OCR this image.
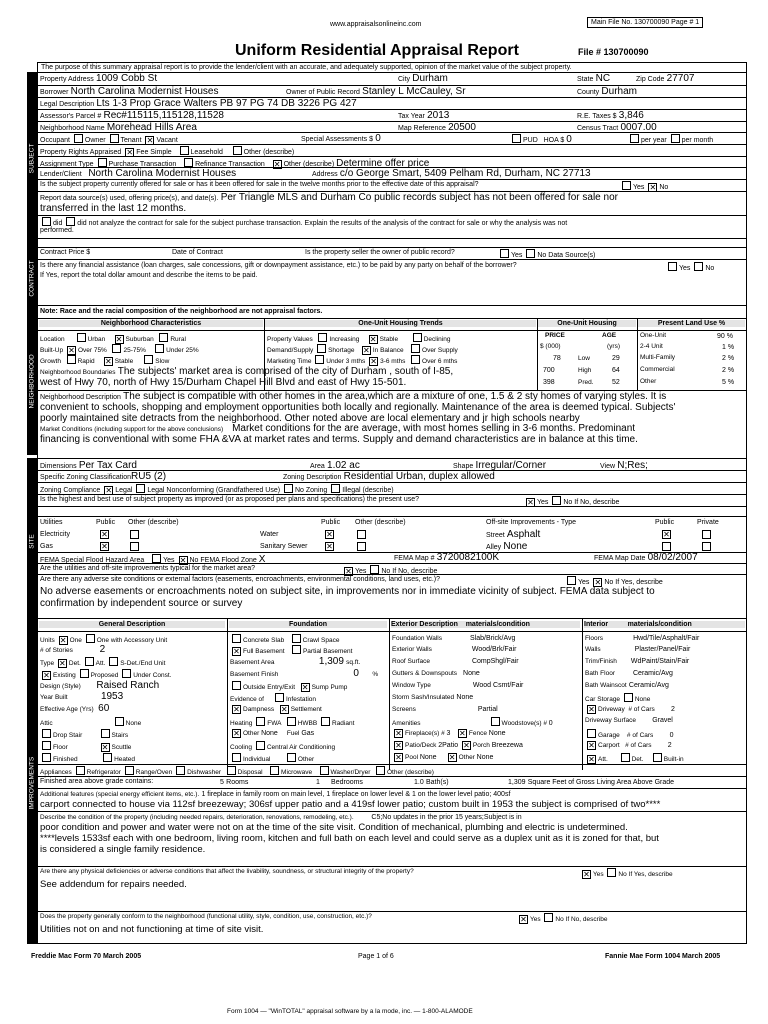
www.appraisalsonlineinc.com	Main File No. 130700090 Page # 1
Uniform Residential Appraisal Report	File # 130700090
The purpose of this summary appraisal report is to provide the lender/client with an accurate, and adequately supported, opinion of the market value of the subject property.
SUBJECT
CONTRACT
NEIGHBORHOOD
SITE
IMPROVEMENTS
Property Address 1009 Cobb St	City Durham	State NC	Zip Code 27707
Borrower North Carolina Modernist Houses	Owner of Public Record Stanley L McCauley, Sr	County Durham
Legal Description Lts 1-3 Prop Grace Walters PB 97 PG 74 DB 3226 PG 427
Assessor's Parcel # Rec#115115,115128,11528	Tax Year 2013	R.E. Taxes $ 3,846
Neighborhood Name Morehead Hills Area	Map Reference 20500	Census Tract 0007.00
Occupant Owner Tenant ✕ Vacant	Special Assessments $ 0	PUD HOA $ 0	per year per month
Property Rights Appraised ✕ Fee Simple	Leasehold	Other (describe)
Assignment Type Purchase Transaction	Refinance Transaction ✕ Other (describe) Determine offer price
Lender/Client North Carolina Modernist Houses	Address c/o George Smart, 5409 Pelham Rd, Durham, NC 27713
Is the subject property currently offered for sale or has it been offered for sale in the twelve months prior to the effective date of this appraisal?	Yes ✕ No
Report data source(s) used, offering price(s), and date(s). Per Triangle MLS and Durham Co public records subject has not been offered for sale nor
transferred in the last 12 months.
did did not analyze the contract for sale for the subject purchase transaction. Explain the results of the analysis of the contract for sale or why the analysis was not
performed.
Contract Price $	Date of Contract	Is the property seller the owner of public record?	Yes No Data Source(s)
Is there any financial assistance (loan charges, sale concessions, gift or downpayment assistance, etc.) to be paid by any party on behalf of the borrower?	Yes No
If Yes, report the total dollar amount and describe the items to be paid.
Note: Race and the racial composition of the neighborhood are not appraisal factors.
Neighborhood Characteristics	One-Unit Housing Trends	One-Unit Housing	Present Land Use %
Location	Urban ✕ Suburban	Rural
Built-Up ✕ Over 75%	25-75%	Under 25%
Growth	Rapid ✕ Stable	Slow
Property Values	Increasing ✕ Stable	Declining
Demand/Supply Shortage ✕ In Balance	Over Supply
Marketing Time Under 3 mths ✕ 3-6 mths	Over 6 mths
PRICE	AGE
$ (000)	(yrs)
78	Low	29
700	High	64
398	Pred.	52
One-Unit	90 %
2-4 Unit	1 %
Multi-Family	2 %
Commercial	2 %
Other	5 %
Neighborhood Boundaries The subjects' market area is comprised of the city of Durham , south of I-85,
west of Hwy 70, north of Hwy 15/Durham Chapel Hill Blvd and east of Hwy 15-501.
Neighborhood Description The subject is compatible with other homes in the area,which are a mixture of one, 1.5 & 2 sty homes of varying styles. It is
convenient to schools, shopping and employment opportunities both locally and regionally. Maintenance of the area is deemed typical. Subjects'
poorly maintained site detracts from the neighborhood. Other noted above are local elementary and jr high schools nearby
Market Conditions (including support for the above conclusions) Market conditions for the are average, with most homes selling in 3-6 months. Predominant
financing is conventional with some FHA &VA at market rates and terms. Supply and demand characteristics are in balance at this time.
Dimensions Per Tax Card	Area 1.02 ac	Shape Irregular/Corner	View N;Res;
Specific Zoning ClassificationRU5 (2)	Zoning Description Residential Urban, duplex allowed
Zoning Compliance ✕ Legal Legal Nonconforming (Grandfathered Use) No Zoning Illegal (describe)
Is the highest and best use of subject property as improved (or as proposed per plans and specifications) the present use?	✕ Yes No If No, describe
Utilities	Public Other (describe)	Public Other (describe)	Off-site Improvements - Type	Public	Private
Electricity	✕	Water	✕	Street Asphalt	✕
Gas	✕	Sanitary Sewer ✕	Alley None
FEMA Special Flood Hazard Area	Yes ✕ No FEMA Flood Zone X	FEMA Map # 3720082100K	FEMA Map Date 08/02/2007
Are the utilities and off-site improvements typical for the market area?	✕ Yes No If No, describe
Are there any adverse site conditions or external factors (easements, encroachments, environmental conditions, land uses, etc.)?	Yes ✕ No If Yes, describe
No adverse easements or encroachments noted on subject site, in improvements nor in immediate vicinity of subject. FEMA data subject to
confirmation by independent source or survey
General Description	Foundation	Exterior Description materials/condition	Interior	materials/condition
Units ✕ One One with Accessory Unit
# of Stories	2
Type ✕ Det. Att. S-Det./End Unit
✕ Existing Proposed Under Const.
Design (Style) Raised Ranch
Year Built	1953
Effective Age (Yrs) 60
Attic	None
Drop Stair	Stairs
Floor	✕ Scuttle
Finished	Heated
Concrete Slab	Crawl Space
✕ Full Basement	Partial Basement
Basement Area	1,309 sq.ft.
Basement Finish	0 %
Outside Entry/Exit ✕ Sump Pump
Evidence of	Infestation
✕ Dampness ✕ Settlement
Heating FWA	HWBB Radiant
✕ Other None Fuel Gas
Cooling Central Air Conditioning
Individual	Other
Foundation Walls	Slab/Brick/Avg
Exterior Walls	Wood/Brk/Fair
Roof Surface	CompShgl/Fair
Gutters & Downspouts None
Window Type	Wood Csmt/Fair
Storm Sash/Insulated None
Screens	Partial
Amenities	Woodstove(s) # 0
✕ Fireplace(s) # 3 ✕ Fence None
✕ Patio/Deck 2Patio ✕ Porch Breezewa
✕ Pool None ✕ Other None
Floors	Hwd/Tile/Asphalt/Fair
Walls	Plaster/Panel/Fair
Trim/Finish WdPaint/Stain/Fair
Bath Floor	Ceramic/Avg
Bath Wainscot Ceramic/Avg
Car Storage None
✕ Driveway # of Cars 2
Driveway Surface Gravel
Garage # of Cars 0
✕ Carport # of Cars 2
✕ Att.	Det.	Built-in
Appliances Refrigerator Range/Oven Dishwasher	Disposal	Microwave	Washer/Dryer	Other (describe)
Finished area above grade contains:	5 Rooms	1 Bedrooms	1.0 Bath(s)	1,309 Square Feet of Gross Living Area Above Grade
Additional features (special energy efficient items, etc.). 1 fireplace in family room on main level, 1 fireplace on lower level & 1 on the lower level patio; 400sf
carport connected to house via 112sf breezeway; 306sf upper patio and a 419sf lower patio; custom built in 1953 the subject is comprised of two****
Describe the condition of the property (including needed repairs, deterioration, renovations, remodeling, etc.).	C5;No updates in the prior 15 years;Subject is in
poor condition and power and water were not on at the time of the site visit. Condition of mechanical, plumbing and electric is undetermined.
****levels 1533sf each with one bedroom, living room, kitchen and full bath on each level and could serve as a duplex unit as it is zoned for that, but
is considered a single family residence.
Are there any physical deficiencies or adverse conditions that affect the livability, soundness, or structural integrity of the property?	✕ Yes No If Yes, describe
See addendum for repairs needed.
Does the property generally conform to the neighborhood (functional utility, style, condition, use, construction, etc.)?	✕ Yes No If No, describe
Utilities not on and not functioning at time of site visit.
Freddie Mac Form 70 March 2005	Page 1 of 6	Fannie Mae Form 1004 March 2005
Form 1004 — "WinTOTAL" appraisal software by a la mode, inc. — 1-800-ALAMODE
